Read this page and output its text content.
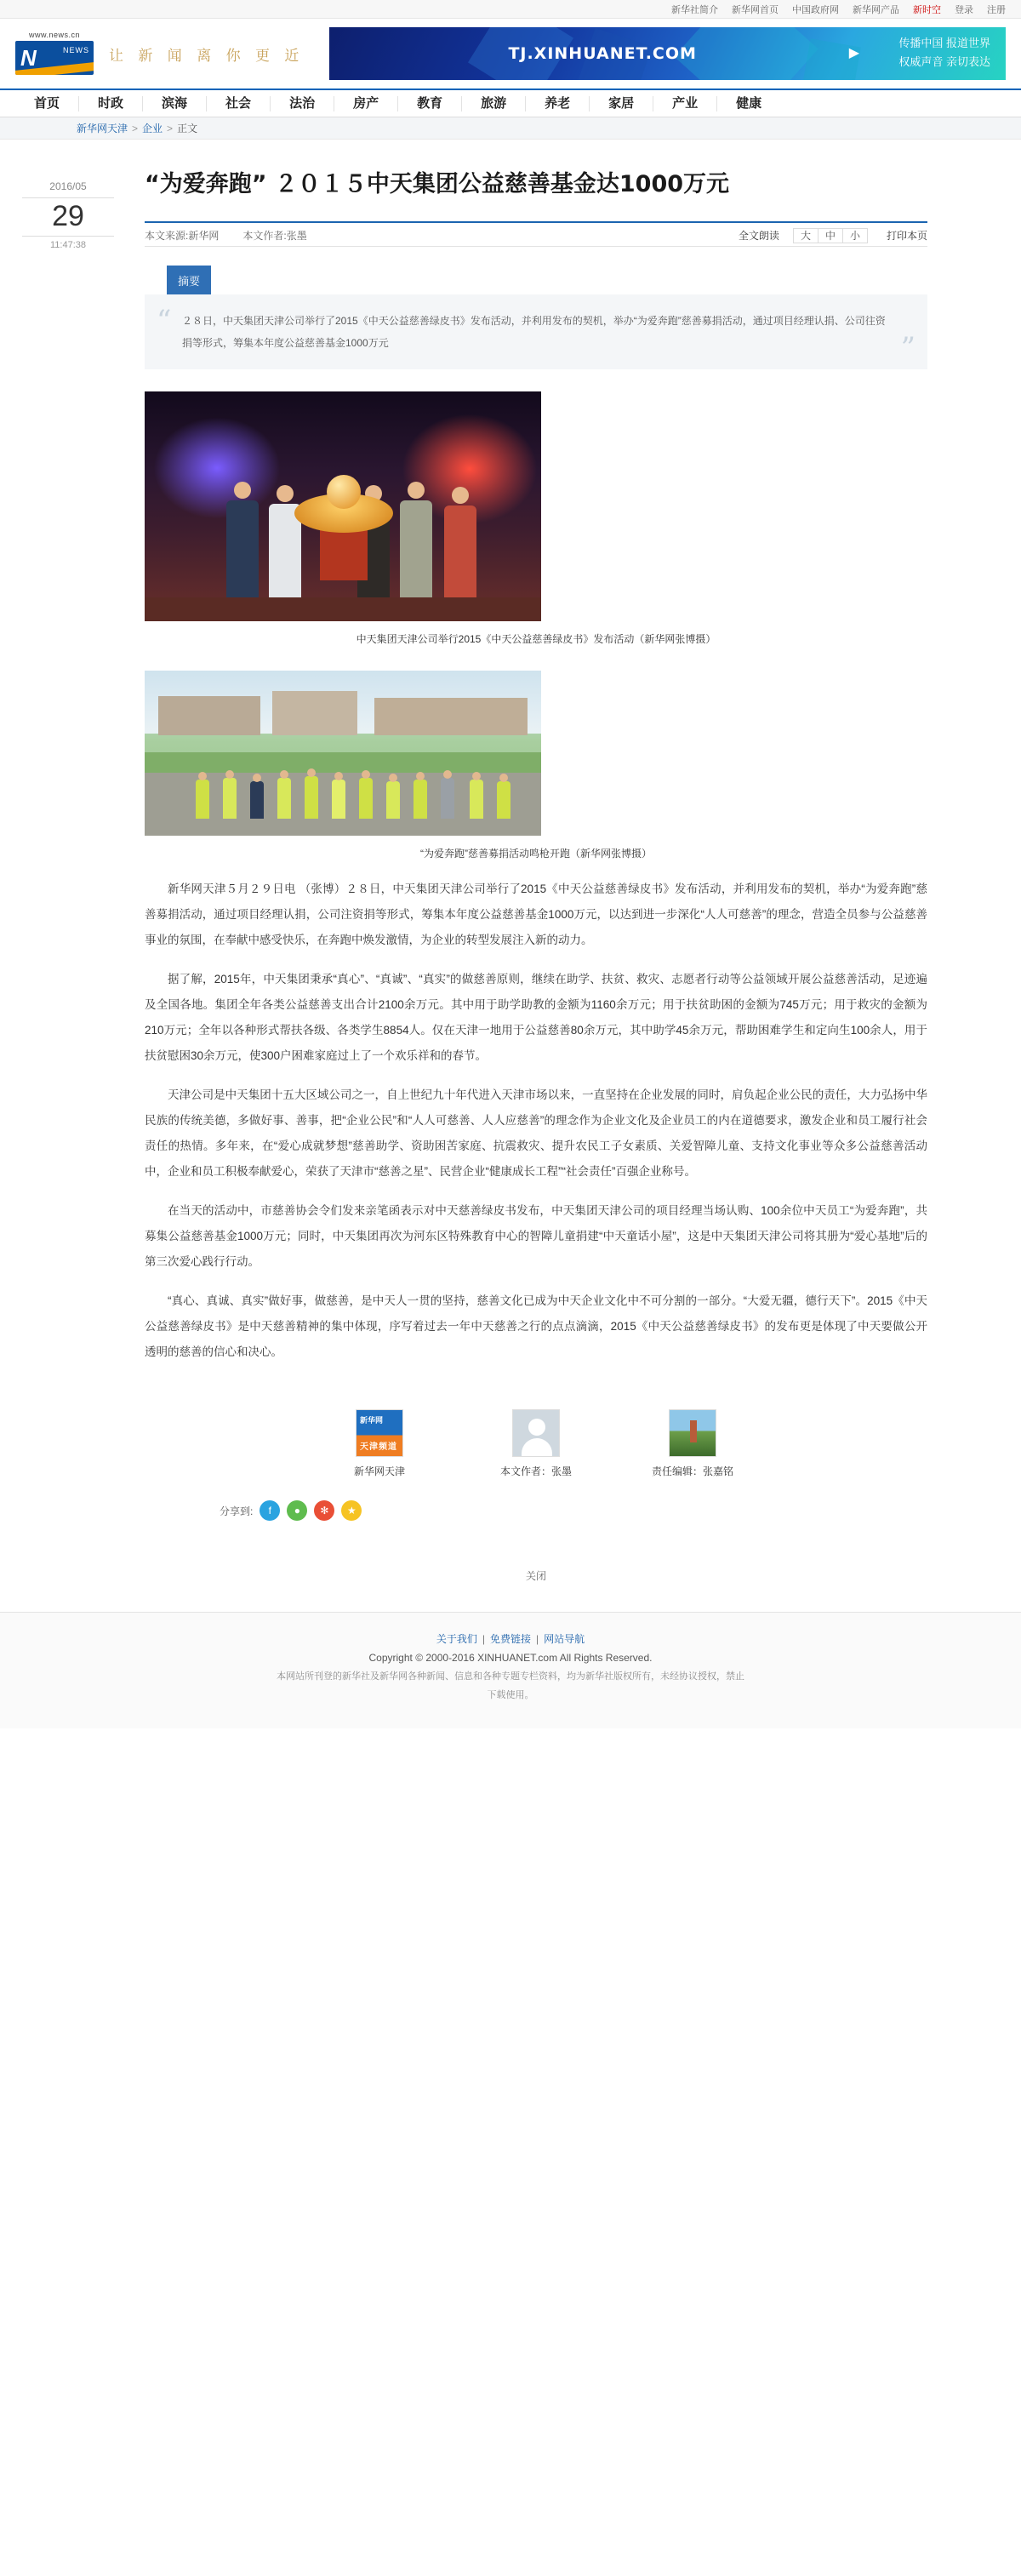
新华社简介 新华网首页 中国政府网 新华网产品 新时空 登录 注册
www.news.cn
N	NEWS 让 新 闻 离 你 更 近	TJ.XINHUANET.COM	▶
传播中国 报道世界
权威声音 亲切表达
首页	时政	滨海	社会	法治	房产	教育	旅游	养老	家居	产业	健康
新华网天津 > 企业 > 正文
2016/05
29
11:47:38
“为爱奔跑” ２０１５中天集团公益慈善基金达1000万元
本文来源:新华网 本文作者:张墨	全文朗读	大	中	小	打印本页
摘要
“ ２８日，中天集团天津公司举行了2015《中天公益慈善绿皮书》发布活动，并利用发布的契机，举办“为爱奔跑”慈善募捐活动，通过项目经理认捐、公司往资捐等形式，筹集本年度公益慈善基金1000万元	”
中天集团天津公司举行2015《中天公益慈善绿皮书》发布活动（新华网张博摄）
“为爱奔跑”慈善募捐活动鸣枪开跑（新华网张博摄）

新华网天津５月２９日电 （张博）２８日，中天集团天津公司举行了2015《中天公益慈善绿皮书》发布活动，并利用发布的契机，举办“为爱奔跑”慈善募捐活动，通过项目经理认捐，公司注资捐等形式，筹集本年度公益慈善基金1000万元，以达到进一步深化“人人可慈善”的理念，营造全员参与公益慈善事业的氛围，在奉献中感受快乐，在奔跑中焕发激情，为企业的转型发展注入新的动力。

据了解，2015年，中天集团秉承“真心”、“真诚”、“真实”的做慈善原则，继续在助学、扶贫、救灾、志愿者行动等公益领域开展公益慈善活动，足迹遍及全国各地。集团全年各类公益慈善支出合计2100余万元。其中用于助学助教的金额为1160余万元；用于扶贫助困的金额为745万元；用于救灾的金额为210万元；全年以各种形式帮扶各级、各类学生8854人。仅在天津一地用于公益慈善80余万元，其中助学45余万元，帮助困难学生和定向生100余人，用于扶贫慰困30余万元，使300户困难家庭过上了一个欢乐祥和的春节。

天津公司是中天集团十五大区域公司之一，自上世纪九十年代进入天津市场以来，一直坚持在企业发展的同时，肩负起企业公民的责任，大力弘扬中华民族的传统美德，多做好事、善事，把“企业公民”和“人人可慈善、人人应慈善”的理念作为企业文化及企业员工的内在道德要求，激发企业和员工履行社会责任的热情。多年来，在“爱心成就梦想”慈善助学、资助困苦家庭、抗震救灾、提升农民工子女素质、关爱智障儿童、支持文化事业等众多公益慈善活动中，企业和员工积极奉献爱心，荣获了天津市“慈善之星”、民营企业“健康成长工程”“社会责任”百强企业称号。

在当天的活动中，市慈善协会令们发来亲笔函表示对中天慈善绿皮书发布，中天集团天津公司的项目经理当场认购、100余位中天员工“为爱奔跑”，共募集公益慈善基金1000万元；同时，中天集团再次为河东区特殊教育中心的智障儿童捐建“中天童话小屋”，这是中天集团天津公司将其册为“爱心基地”后的第三次爱心践行行动。

“真心、真诚、真实”做好事，做慈善，是中天人一贯的坚持，慈善文化已成为中天企业文化中不可分割的一部分。“大爱无疆，德行天下”。2015《中天公益慈善绿皮书》是中天慈善精神的集中体现，序写着过去一年中天慈善之行的点点滴滴，2015《中天公益慈善绿皮书》的发布更是体现了中天要做公开透明的慈善的信心和决心。

新华网
天津频道
新华网天津	本文作者：张墨	责任编辑：张嘉铭
分享到:	f	●	✻	★
关闭
关于我们 | 免费链接 | 网站导航
Copyright © 2000-2016 XINHUANET.com All Rights Reserved.
本网站所刊登的新华社及新华网各种新闻、信息和各种专题专栏资料，均为新华社版权所有，未经协议授权，禁止
下载使用。
